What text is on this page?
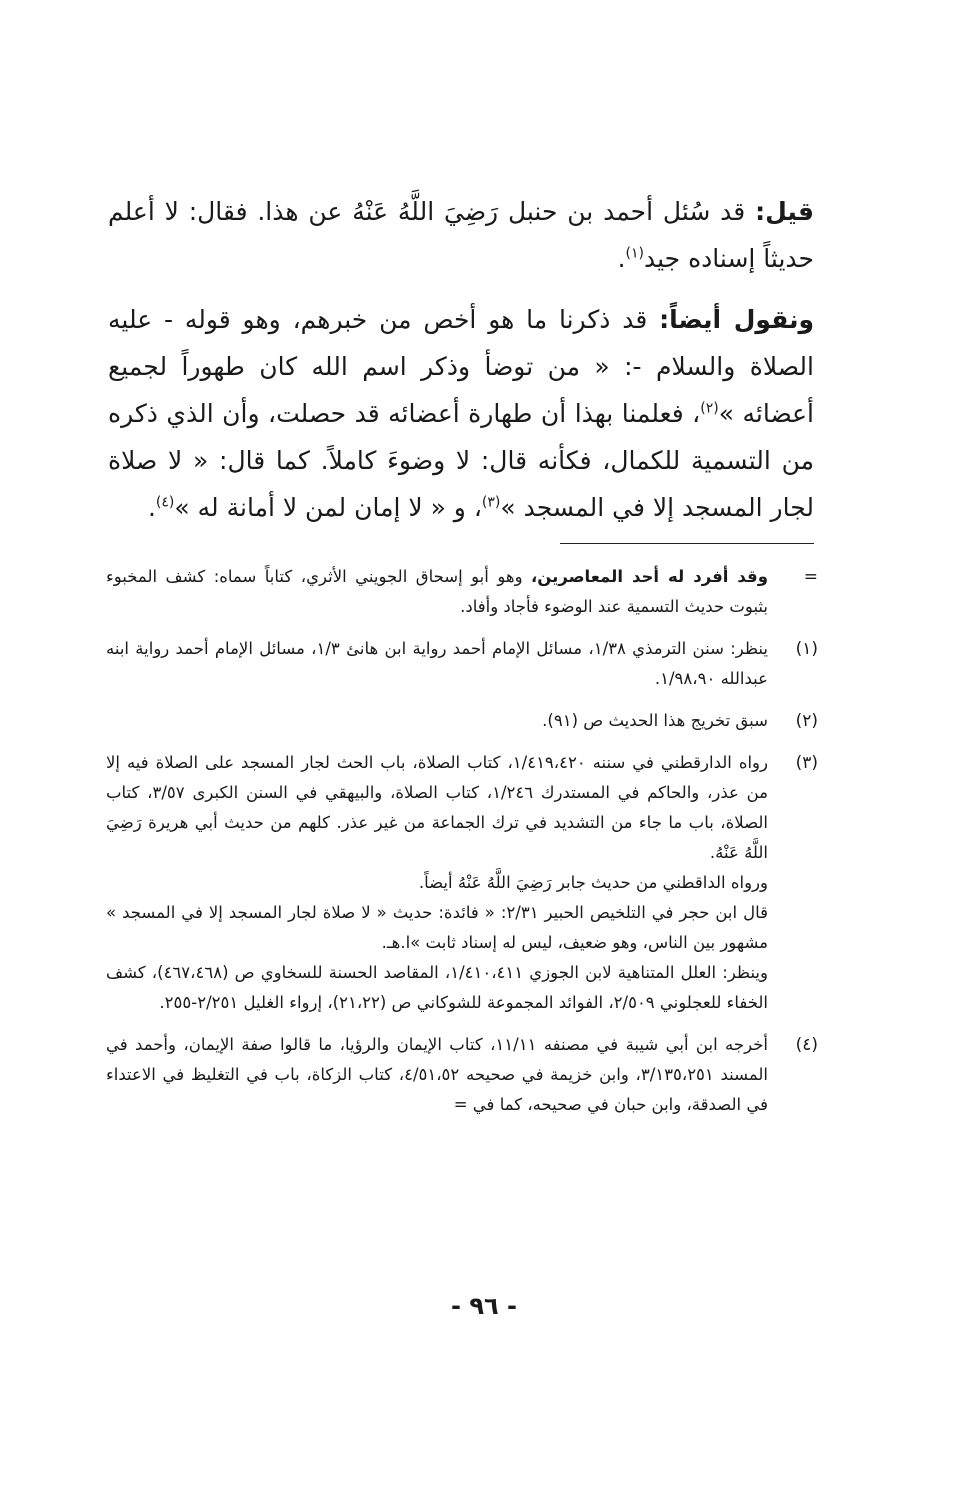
قيل: قد سُئل أحمد بن حنبل رَضِيَ اللَّهُ عَنْهُ عن هذا. فقال: لا أعلم حديثاً إسناده جيد$^{(١)}$.

ونقول أيضاً: قد ذكرنا ما هو أخص من خبرهم، وهو قوله - عليه الصلاة والسلام -: « من توضأ وذكر اسم الله كان طهوراً لجميع أعضائه »$^{(٢)}$، فعلمنا بهذا أن طهارة أعضائه قد حصلت، وأن الذي ذكره من التسمية للكمال، فكأنه قال: لا وضوءَ كاملاً. كما قال: « لا صلاة لجار المسجد إلا في المسجد »$^{(٣)}$، و « لا إمان لمن لا أمانة له »$^{(٤)}$.

=

وقد أفرد له أحد المعاصرين، وهو أبو إسحاق الجويني الأثري، كتاباً سماه: كشف المخبوء بثبوت حديث التسمية عند الوضوء فأجاد وأفاد.

(١)

ينظر: سنن الترمذي ١/٣٨، مسائل الإمام أحمد رواية ابن هانئ ١/٣، مسائل الإمام أحمد رواية ابنه عبدالله ١/٩٨،٩٠.

(٢)

سبق تخريج هذا الحديث ص (٩١).

(٣)

رواه الدارقطني في سننه ١/٤١٩،٤٢٠، كتاب الصلاة، باب الحث لجار المسجد على الصلاة فيه إلا من عذر، والحاكم في المستدرك ١/٢٤٦، كتاب الصلاة، والبيهقي في السنن الكبرى ٣/٥٧، كتاب الصلاة، باب ما جاء من التشديد في ترك الجماعة من غير عذر. كلهم من حديث أبي هريرة رَضِيَ اللَّهُ عَنْهُ.

ورواه الداقطني من حديث جابر رَضِيَ اللَّهُ عَنْهُ أيضاً.

قال ابن حجر في التلخيص الحبير ٢/٣١: « فائدة: حديث « لا صلاة لجار المسجد إلا في المسجد » مشهور بين الناس، وهو ضعيف، ليس له إسناد ثابت »ا.هـ.

وينظر: العلل المتناهية لابن الجوزي ١/٤١٠،٤١١، المقاصد الحسنة للسخاوي ص (٤٦٧،٤٦٨)، كشف الخفاء للعجلوني ٢/٥٠٩، الفوائد المجموعة للشوكاني ص (٢١،٢٢)، إرواء الغليل ٢/٢٥١-٢٥٥.

(٤)

أخرجه ابن أبي شيبة في مصنفه ١١/١١، كتاب الإيمان والرؤيا، ما قالوا صفة الإيمان، وأحمد في المسند ٣/١٣٥،٢٥١، وابن خزيمة في صحيحه ٤/٥١،٥٢، كتاب الزكاة، باب في التغليظ في الاعتداء في الصدقة، وابن حبان في صحيحه، كما في =

- ٩٦ -
